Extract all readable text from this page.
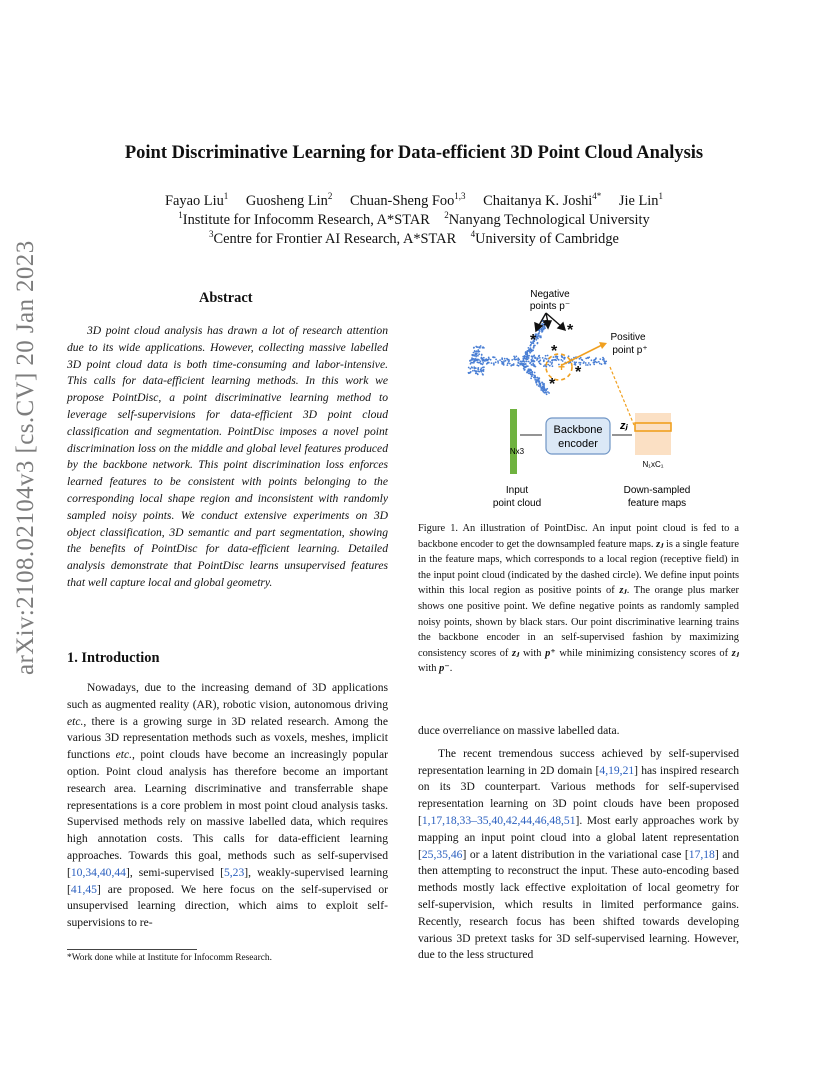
Point Discriminative Learning for Data-efficient 3D Point Cloud Analysis
Fayao Liu$^1$ Guosheng Lin$^2$ Chuan-Sheng Foo$^{1,3}$ Chaitanya K. Joshi$^{4*}$ Jie Lin$^1$
$^1$Institute for Infocomm Research, A*STAR $^2$Nanyang Technological University
$^3$Centre for Frontier AI Research, A*STAR $^4$University of Cambridge
arXiv:2108.02104v3 [cs.CV] 20 Jan 2023	Abstract
3D point cloud analysis has drawn a lot of research attention due to its wide applications. However, collecting massive labelled 3D point cloud data is both time-consuming and labor-intensive. This calls for data-efficient learning methods. In this work we propose PointDisc, a point discriminative learning method to leverage self-supervisions for data-efficient 3D point cloud classification and segmentation. PointDisc imposes a novel point discrimination loss on the middle and global level features produced by the backbone network. This point discrimination loss enforces learned features to be consistent with points belonging to the corresponding local shape region and inconsistent with randomly sampled noisy points. We conduct extensive experiments on 3D object classification, 3D semantic and part segmentation, showing the benefits of PointDisc for data-efficient learning. Detailed analysis demonstrate that PointDisc learns unsupervised features that well capture local and global geometry.
1. Introduction
Nowadays, due to the increasing demand of 3D applications such as augmented reality (AR), robotic vision, autonomous driving etc., there is a growing surge in 3D related research. Among the various 3D representation methods such as voxels, meshes, implicit functions etc., point clouds have become an increasingly popular option. Point cloud analysis has therefore become an important research area. Learning discriminative and transferrable shape representations is a core problem in most point cloud analysis tasks. Supervised methods rely on massive labelled data, which requires high annotation costs. This calls for data-efficient learning approaches. Towards this goal, methods such as self-supervised [10,34,40,44], semi-supervised [5,23], weakly-supervised learning [41,45] are proposed. We here focus on the self-supervised or unsupervised learning direction, which aims to exploit self-supervisions to re-
*Work done while at Institute for Infocomm Research.
*
* *
*
*
*
+
Negative
points p⁻
Positive
point p⁺
Backbone
encoder
zⱼ
N₁xC₁
Nx3
Input
point cloud
Down-sampled
feature maps
Figure 1. An illustration of PointDisc. An input point cloud is fed to a backbone encoder to get the downsampled feature maps. zⱼ is a single feature in the feature maps, which corresponds to a local region (receptive field) in the input point cloud (indicated by the dashed circle). We define input points within this local region as positive points of zⱼ. The orange plus marker shows one positive point. We define negative points as randomly sampled noisy points, shown by black stars. Our point discriminative learning trains the backbone encoder in an self-supervised fashion by maximizing consistency scores of zⱼ with p⁺ while minimizing consistency scores of zⱼ with p⁻.
duce overreliance on massive labelled data.
The recent tremendous success achieved by self-supervised representation learning in 2D domain [4,19,21] has inspired research on its 3D counterpart. Various methods for self-supervised representation learning on 3D point clouds have been proposed [1,17,18,33–35,40,42,44,46,48,51]. Most early approaches work by mapping an input point cloud into a global latent representation [25,35,46] or a latent distribution in the variational case [17,18] and then attempting to reconstruct the input. These auto-encoding based methods mostly lack effective exploitation of local geometry for self-supervision, which results in limited performance gains. Recently, research focus has been shifted towards developing various 3D pretext tasks for 3D self-supervised learning. However, due to the less structured
